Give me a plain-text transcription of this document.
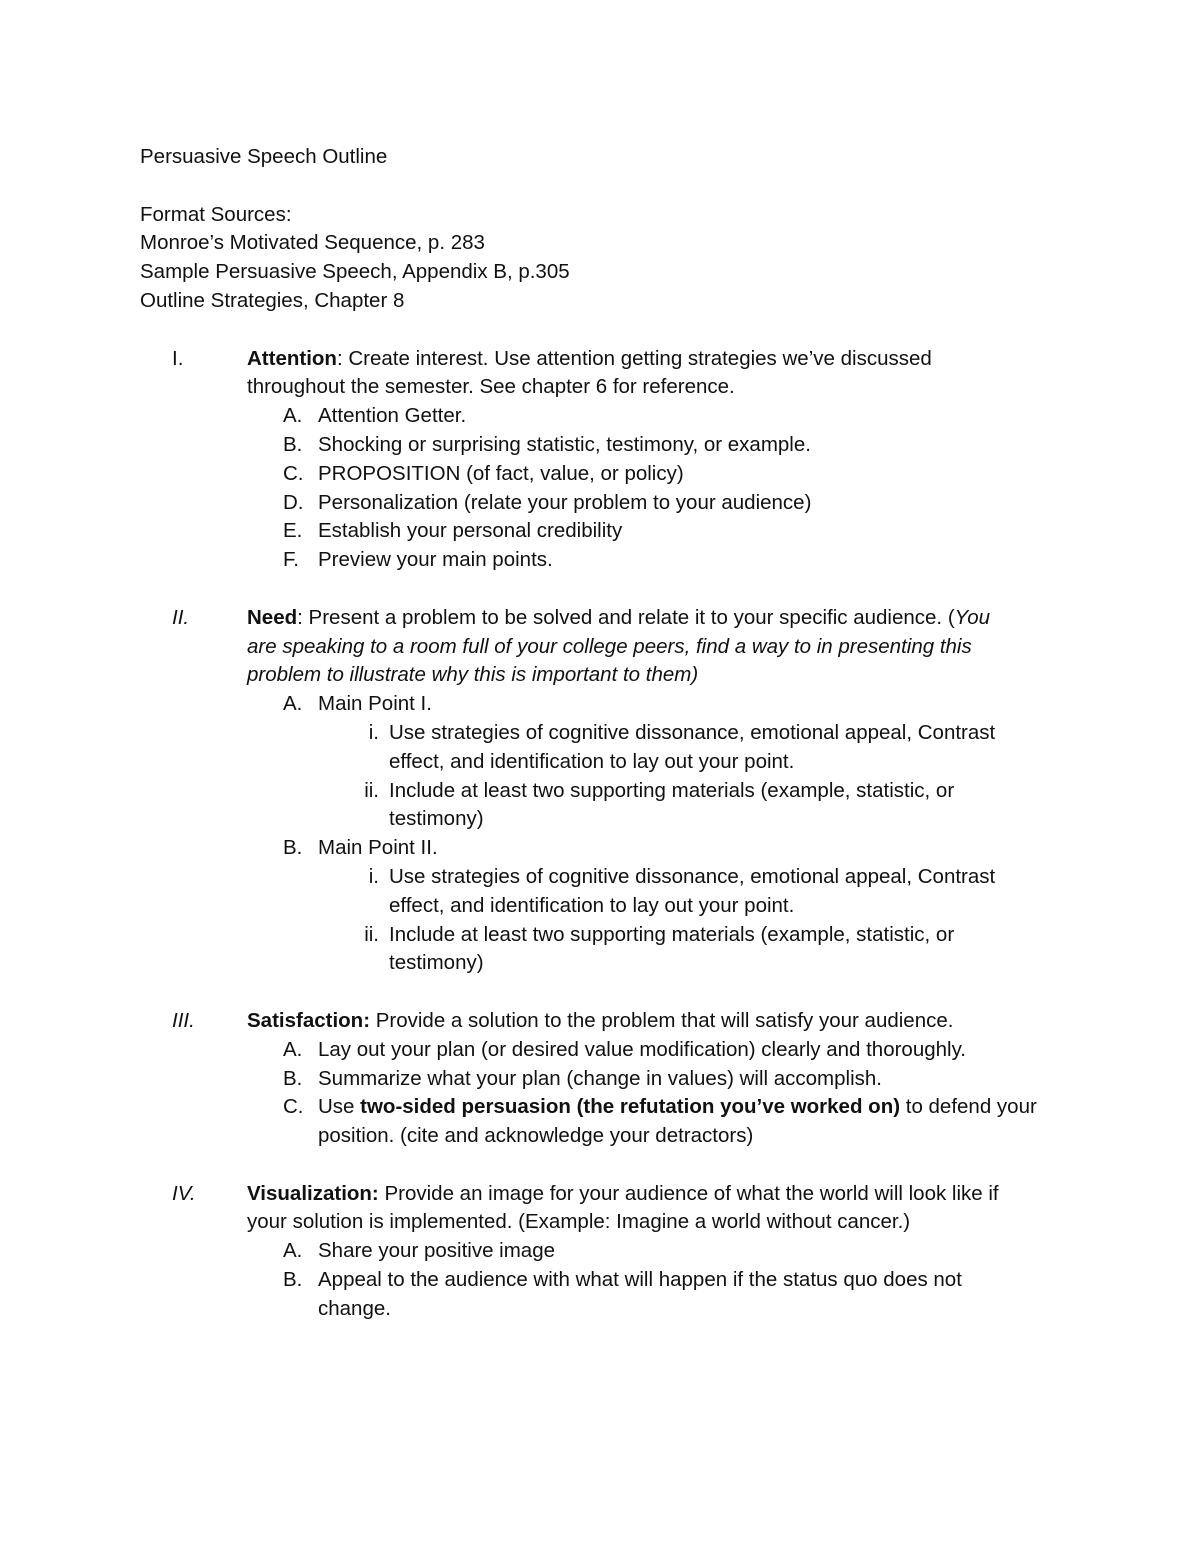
Persuasive Speech Outline
Format Sources:
Monroe’s Motivated Sequence, p. 283
Sample Persuasive Speech, Appendix B, p.305
Outline Strategies, Chapter 8
I.	Attention: Create interest. Use attention getting strategies we’ve discussed
throughout the semester. See chapter 6 for reference.
A. Attention Getter.
B. Shocking or surprising statistic, testimony, or example.
C. PROPOSITION (of fact, value, or policy)
D. Personalization (relate your problem to your audience)
E. Establish your personal credibility
F. Preview your main points.
II.	Need: Present a problem to be solved and relate it to your specific audience. (You
are speaking to a room full of your college peers, find a way to in presenting this
problem to illustrate why this is important to them)
A. Main Point I.
i. Use strategies of cognitive dissonance, emotional appeal, Contrast
effect, and identification to lay out your point.
ii. Include at least two supporting materials (example, statistic, or
testimony)
B. Main Point II.
i. Use strategies of cognitive dissonance, emotional appeal, Contrast
effect, and identification to lay out your point.
ii. Include at least two supporting materials (example, statistic, or
testimony)
III.	Satisfaction: Provide a solution to the problem that will satisfy your audience.
A. Lay out your plan (or desired value modification) clearly and thoroughly.
B. Summarize what your plan (change in values) will accomplish.
C. Use two-sided persuasion (the refutation you’ve worked on) to defend your
position. (cite and acknowledge your detractors)
IV.	Visualization: Provide an image for your audience of what the world will look like if
your solution is implemented. (Example: Imagine a world without cancer.)
A. Share your positive image
B. Appeal to the audience with what will happen if the status quo does not
change.
